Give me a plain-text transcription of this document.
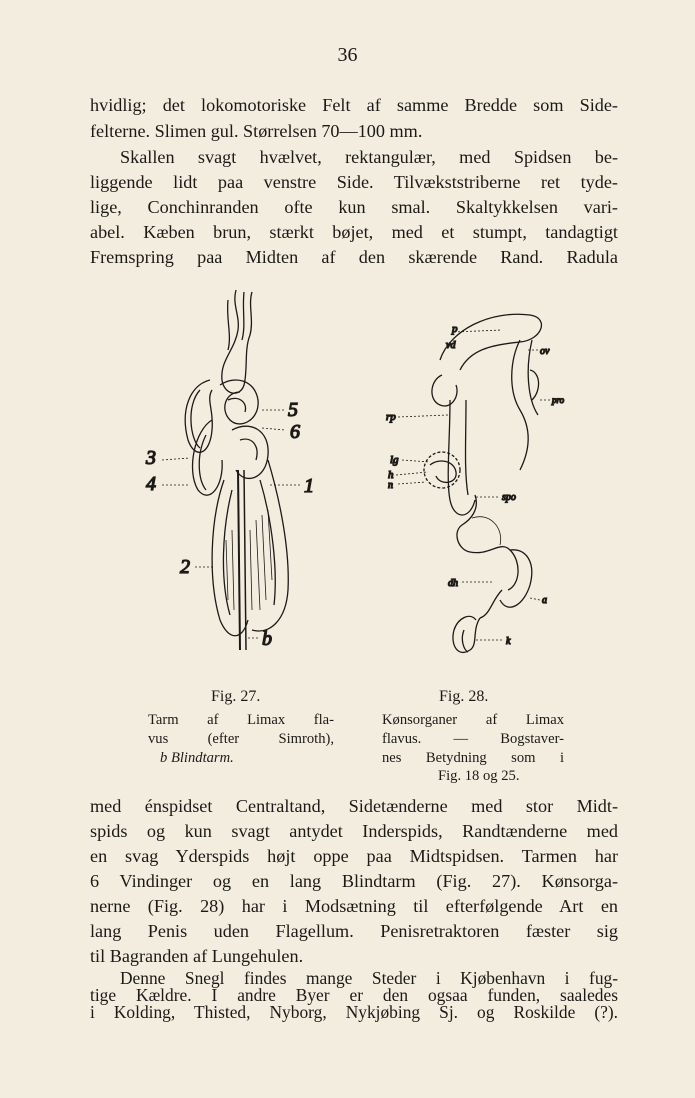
36
hvidlig; det lokomotoriske Felt af samme Bredde som Side-
felterne. Slimen gul. Størrelsen 70—100 mm.
Skallen svagt hvælvet, rektangulær, med Spidsen be-
liggende lidt paa venstre Side. Tilvækststriberne ret tyde-
lige, Conchinranden ofte kun smal. Skaltykkelsen vari-
abel. Kæben brun, stærkt bøjet, med et stumpt, tandagtigt
Fremspring paa Midten af den skærende Rand. Radula
5
6
3
4	1
2
b
p
vd
ov
rp
pro
lg
h
n
spo
dh
a
k
Fig. 27.	Fig. 28.
Tarm af Limax fla-
vus (efter Simroth),
b Blindtarm.
Kønsorganer af Limax
flavus. — Bogstaver-
nes Betydning som i
Fig. 18 og 25.
med énspidset Centraltand, Sidetænderne med stor Midt-
spids og kun svagt antydet Inderspids, Randtænderne med
en svag Yderspids højt oppe paa Midtspidsen. Tarmen har
6 Vindinger og en lang Blindtarm (Fig. 27). Kønsorga-
nerne (Fig. 28) har i Modsætning til efterfølgende Art en
lang Penis uden Flagellum. Penisretraktoren fæster sig
til Bagranden af Lungehulen.
Denne Snegl findes mange Steder i Kjøbenhavn i fug-
tige Kældre. I andre Byer er den ogsaa funden, saaledes
i Kolding, Thisted, Nyborg, Nykjøbing Sj. og Roskilde (?).
